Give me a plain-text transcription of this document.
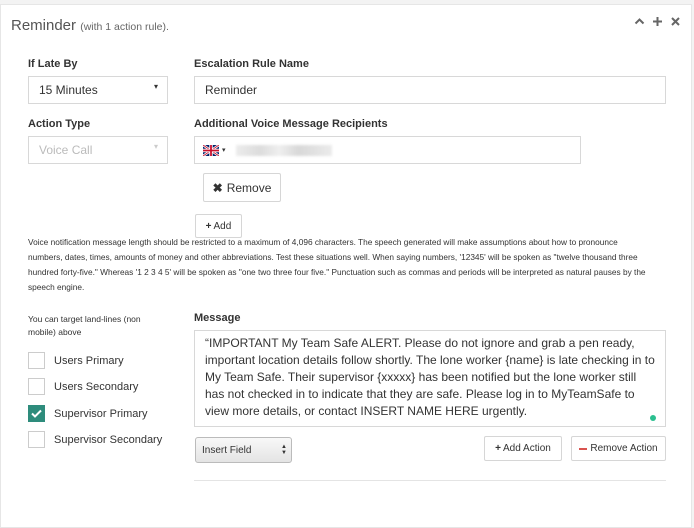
Reminder (with 1 action rule).
If Late By
15 Minutes	▾
Escalation Rule Name
Reminder
Action Type
Voice Call	▾
Additional Voice Message Recipients
▾
✖ Remove
+ Add
Voice notification message length should be restricted to a maximum of 4,096 characters. The speech generated will make assumptions about how to pronounce numbers, dates, times, amounts of money and other abbreviations. Test these situations well. When saying numbers, '12345' will be spoken as "twelve thousand three hundred forty-five." Whereas '1 2 3 4 5' will be spoken as "one two three four five." Punctuation such as commas and periods will be interpreted as natural pauses by the speech engine.
You can target land-lines (non mobile) above
Users Primary
Users Secondary
Supervisor Primary
Supervisor Secondary
Message
“IMPORTANT My Team Safe ALERT. Please do not ignore and grab a pen ready, important location details follow shortly. The lone worker {name} is late checking in to My Team Safe. Their supervisor {xxxxx} has been notified but the lone worker still has not checked in to indicate that they are safe. Please log in to MyTeamSafe to view more details, or contact INSERT NAME HERE urgently.
Insert Field	▲
▼	+ Add Action	Remove Action
